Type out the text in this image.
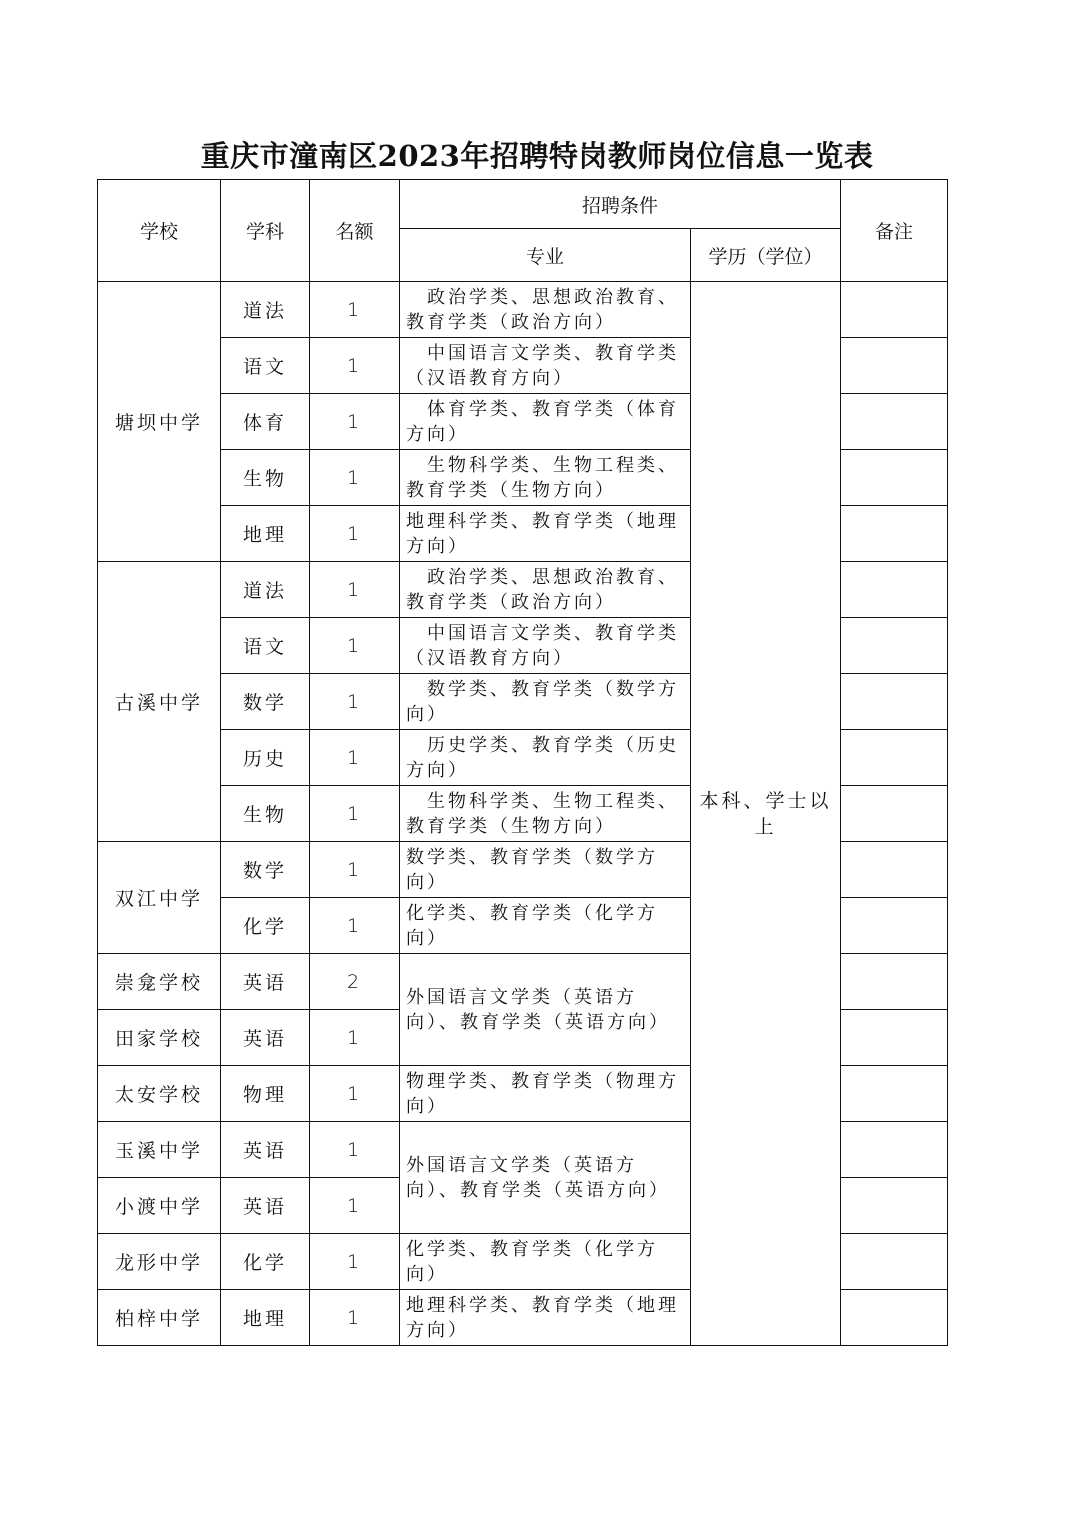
重庆市潼南区2023年招聘特岗教师岗位信息一览表
学校	学科	名额	招聘条件		备注
			专业	学历（学位）	
塘坝中学	道法	1	　政治学类、思想政治教育、教育学类（政治方向）	本科、学士以上	
	语文	1	　中国语言文学类、教育学类（汉语教育方向）		
	体育	1	　体育学类、教育学类（体育方向）		
	生物	1	　生物科学类、生物工程类、教育学类（生物方向）		
	地理	1	地理科学类、教育学类（地理方向）		
古溪中学	道法	1	　政治学类、思想政治教育、教育学类（政治方向）		
	语文	1	　中国语言文学类、教育学类（汉语教育方向）		
	数学	1	　数学类、教育学类（数学方向）		
	历史	1	　历史学类、教育学类（历史方向）		
	生物	1	　生物科学类、生物工程类、教育学类（生物方向）		
双江中学	数学	1	数学类、教育学类（数学方向）		
	化学	1	化学类、教育学类（化学方向）		
崇龛学校	英语	2	外国语言文学类（英语方向）、教育学类（英语方向）		
田家学校	英语	1			
太安学校	物理	1	物理学类、教育学类（物理方向）		
玉溪中学	英语	1	外国语言文学类（英语方向）、教育学类（英语方向）		
小渡中学	英语	1			
龙形中学	化学	1	化学类、教育学类（化学方向）		
柏梓中学	地理	1	地理科学类、教育学类（地理方向）		
